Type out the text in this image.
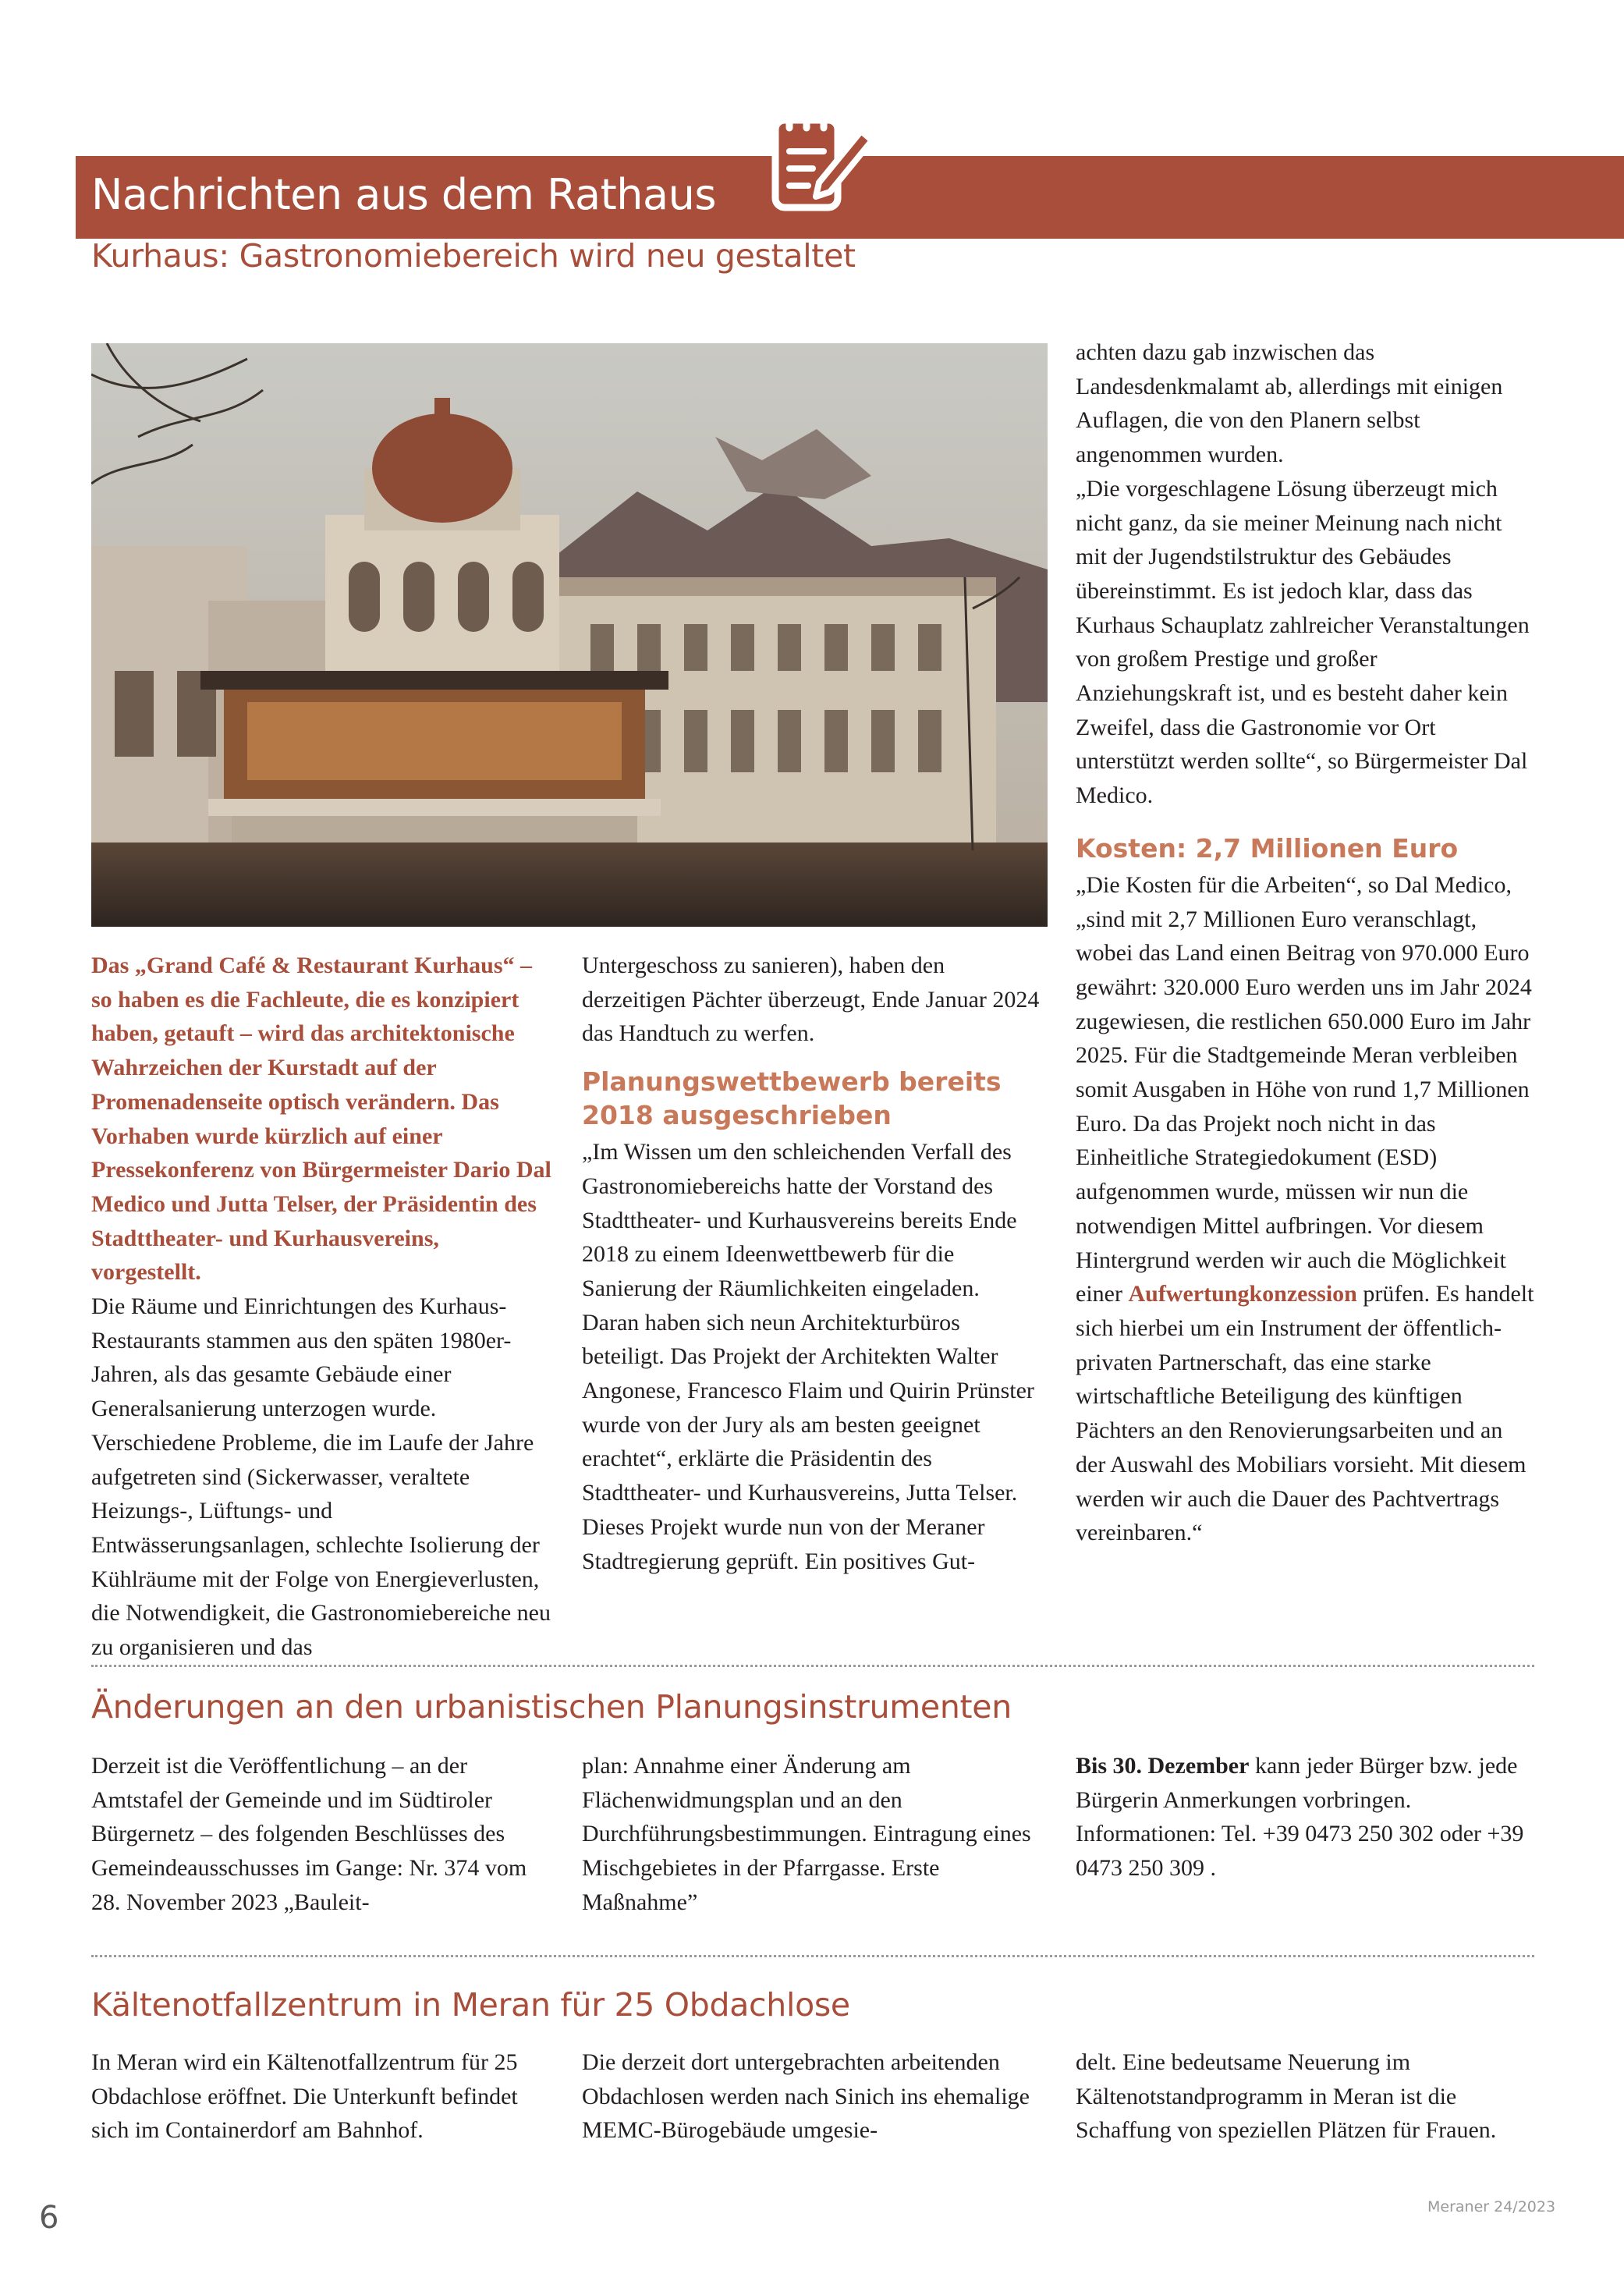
Nachrichten aus dem Rathaus
Kurhaus: Gastronomiebereich wird neu gestaltet

Das „Grand Café & Restaurant Kurhaus“ – so haben es die Fachleute, die es konzipiert haben, getauft – wird das architektonische Wahrzeichen der Kurstadt auf der Promenadenseite optisch verändern. Das Vorhaben wurde kürzlich auf einer Pressekonferenz von Bürgermeister Dario Dal Medico und Jutta Telser, der Präsidentin des Stadttheater- und Kurhausvereins, vorgestellt.

Die Räume und Einrichtungen des Kurhaus-Restaurants stammen aus den späten 1980er-Jahren, als das gesamte Gebäude einer Generalsanierung unterzogen wurde. Verschiedene Probleme, die im Laufe der Jahre aufgetreten sind (Sickerwasser, veraltete Heizungs-, Lüftungs- und Entwässerungsanlagen, schlechte Isolierung der Kühlräume mit der Folge von Energieverlusten, die Notwendigkeit, die Gastronomiebereiche neu zu organisieren und das

Untergeschoss zu sanieren), haben den derzeitigen Pächter überzeugt, Ende Januar 2024 das Handtuch zu werfen.

Planungswettbewerb bereits 2018 ausgeschrieben

„Im Wissen um den schleichenden Verfall des Gastronomiebereichs hatte der Vorstand des Stadttheater- und Kurhausvereins bereits Ende 2018 zu einem Ideenwettbewerb für die Sanierung der Räumlichkeiten eingeladen. Daran haben sich neun Architekturbüros beteiligt. Das Projekt der Architekten Walter Angonese, Francesco Flaim und Quirin Prünster wurde von der Jury als am besten geeignet erachtet“, erklärte die Präsidentin des Stadttheater- und Kurhausvereins, Jutta Telser.

Dieses Projekt wurde nun von der Meraner Stadtregierung geprüft. Ein positives Gut-

achten dazu gab inzwischen das Landesdenkmalamt ab, allerdings mit einigen Auflagen, die von den Planern selbst angenommen wurden.

„Die vorgeschlagene Lösung überzeugt mich nicht ganz, da sie meiner Meinung nach nicht mit der Jugendstilstruktur des Gebäudes übereinstimmt. Es ist jedoch klar, dass das Kurhaus Schauplatz zahlreicher Veranstaltungen von großem Prestige und großer Anziehungskraft ist, und es besteht daher kein Zweifel, dass die Gastronomie vor Ort unterstützt werden sollte“, so Bürgermeister Dal Medico.

Kosten: 2,7 Millionen Euro

„Die Kosten für die Arbeiten“, so Dal Medico, „sind mit 2,7 Millionen Euro veranschlagt, wobei das Land einen Beitrag von 970.000 Euro gewährt: 320.000 Euro werden uns im Jahr 2024 zugewiesen, die restlichen 650.000 Euro im Jahr 2025. Für die Stadtgemeinde Meran verbleiben somit Ausgaben in Höhe von rund 1,7 Millionen Euro. Da das Projekt noch nicht in das Einheitliche Strategiedokument (ESD) aufgenommen wurde, müssen wir nun die notwendigen Mittel aufbringen. Vor diesem Hintergrund werden wir auch die Möglichkeit einer Aufwertungkonzession prüfen. Es handelt sich hierbei um ein Instrument der öffentlich-privaten Partnerschaft, das eine starke wirtschaftliche Beteiligung des künftigen Pächters an den Renovierungsarbeiten und an der Auswahl des Mobiliars vorsieht. Mit diesem werden wir auch die Dauer des Pachtvertrags vereinbaren.“

Änderungen an den urbanistischen Planungsinstrumenten

Derzeit ist die Veröffentlichung – an der Amtstafel der Gemeinde und im Südtiroler Bürgernetz – des folgenden Beschlüsses des Gemeindeausschusses im Gange: Nr. 374 vom 28. November 2023 „Bauleit-

plan: Annahme einer Änderung am Flächenwidmungsplan und an den Durchführungsbestimmungen. Eintragung eines Mischgebietes in der Pfarrgasse. Erste Maßnahme”

Bis 30. Dezember kann jeder Bürger bzw. jede Bürgerin Anmerkungen vorbringen. Informationen: Tel. +39 0473 250 302 oder +39 0473 250 309 .

Kältenotfallzentrum in Meran für 25 Obdachlose

In Meran wird ein Kältenotfallzentrum für 25 Obdachlose eröffnet. Die Unterkunft befindet sich im Containerdorf am Bahnhof.

Die derzeit dort untergebrachten arbeitenden Obdachlosen werden nach Sinich ins ehemalige MEMC-Bürogebäude umgesie-

delt. Eine bedeutsame Neuerung im Kältenotstandprogramm in Meran ist die Schaffung von speziellen Plätzen für Frauen.

6	Meraner 24/2023
